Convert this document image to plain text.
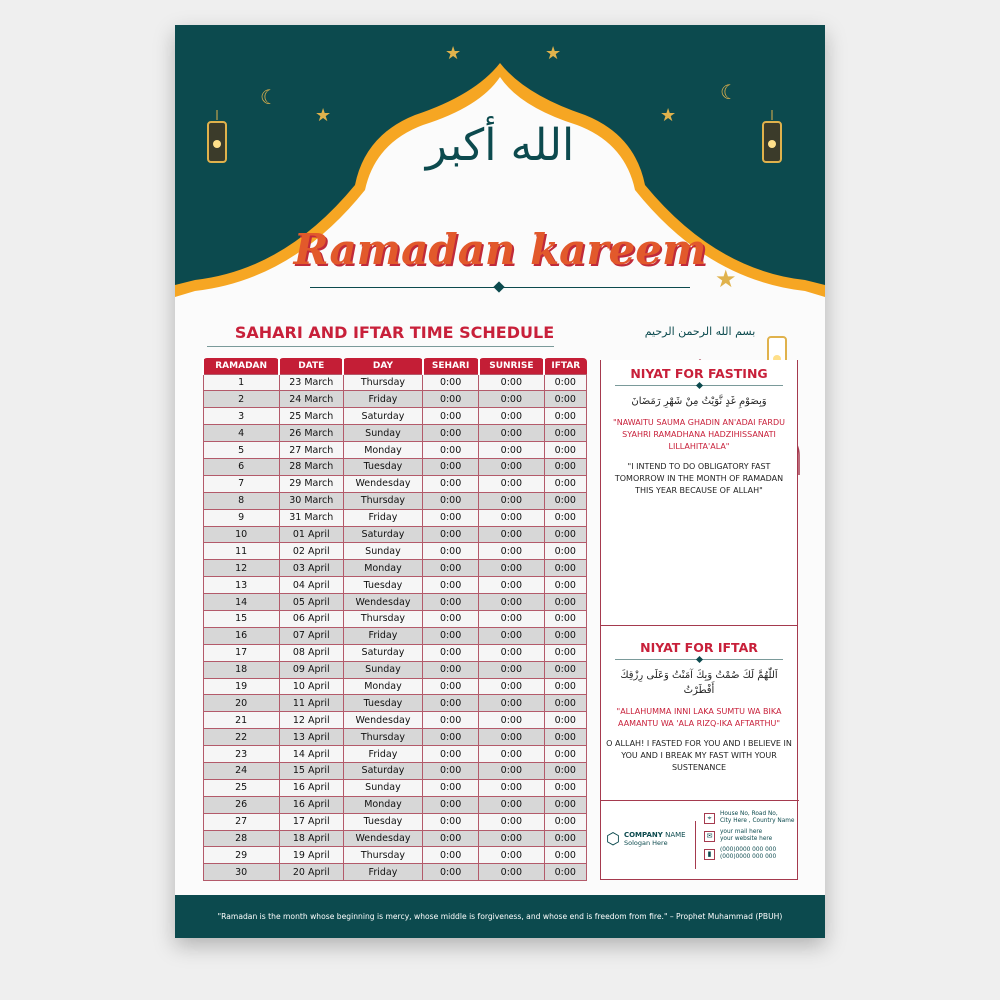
★	★
★	★
★
☾	☾
الله أكبر
Ramadan kareem
SAHARI AND IFTAR TIME SCHEDULE
RAMADAN	DATE	DAY	SEHARI	SUNRISE	IFTAR
1	23 March	Thursday	0:00	0:00	0:00
2	24 March	Friday	0:00	0:00	0:00
3	25 March	Saturday	0:00	0:00	0:00
4	26 March	Sunday	0:00	0:00	0:00
5	27 March	Monday	0:00	0:00	0:00
6	28 March	Tuesday	0:00	0:00	0:00
7	29 March	Wendesday	0:00	0:00	0:00
8	30 March	Thursday	0:00	0:00	0:00
9	31 March	Friday	0:00	0:00	0:00
10	01 April	Saturday	0:00	0:00	0:00
11	02 April	Sunday	0:00	0:00	0:00
12	03 April	Monday	0:00	0:00	0:00
13	04 April	Tuesday	0:00	0:00	0:00
14	05 April	Wendesday	0:00	0:00	0:00
15	06 April	Thursday	0:00	0:00	0:00
16	07 April	Friday	0:00	0:00	0:00
17	08 April	Saturday	0:00	0:00	0:00
18	09 April	Sunday	0:00	0:00	0:00
19	10 April	Monday	0:00	0:00	0:00
20	11 April	Tuesday	0:00	0:00	0:00
21	12 April	Wendesday	0:00	0:00	0:00
22	13 April	Thursday	0:00	0:00	0:00
23	14 April	Friday	0:00	0:00	0:00
24	15 April	Saturday	0:00	0:00	0:00
25	16 April	Sunday	0:00	0:00	0:00
26	16 April	Monday	0:00	0:00	0:00
27	17 April	Tuesday	0:00	0:00	0:00
28	18 April	Wendesday	0:00	0:00	0:00
29	19 April	Thursday	0:00	0:00	0:00
30	20 April	Friday	0:00	0:00	0:00
بسم الله الرحمن الرحيم
NIYAT FOR FASTING
وَبِصَوْمِ غَدٍ نَّوَيْتُ مِنْ شَهْرِ رَمَضَانَ
"NAWAITU SAUMA GHADIN AN'ADAI FARDU SYAHRI RAMADHANA HADZIHISSANATI LILLAHITA'ALA"
"I INTEND TO DO OBLIGATORY FAST TOMORROW IN THE MONTH OF RAMADAN THIS YEAR BECAUSE OF ALLAH"
NIYAT FOR IFTAR
اَللّٰهُمَّ لَكَ صُمْتُ وَبِكَ آمَنْتُ وَعَلَى رِزْقِكَ أَفْطَرْتُ
"ALLAHUMMA INNI LAKA SUMTU WA BIKA AAMANTU WA 'ALA RIZQ-IKA AFTARTHU"
O ALLAH! I FASTED FOR YOU AND I BELIEVE IN YOU AND I BREAK MY FAST WITH YOUR SUSTENANCE
⬡ COMPANY NAME
Sologan Here
⌖	House No, Road No,
City Here , Country Name
✉	your mail here
your website here
▮	(000)0000 000 000
(000)0000 000 000
"Ramadan is the month whose beginning is mercy, whose middle is forgiveness, and whose end is freedom from fire." – Prophet Muhammad (PBUH)
